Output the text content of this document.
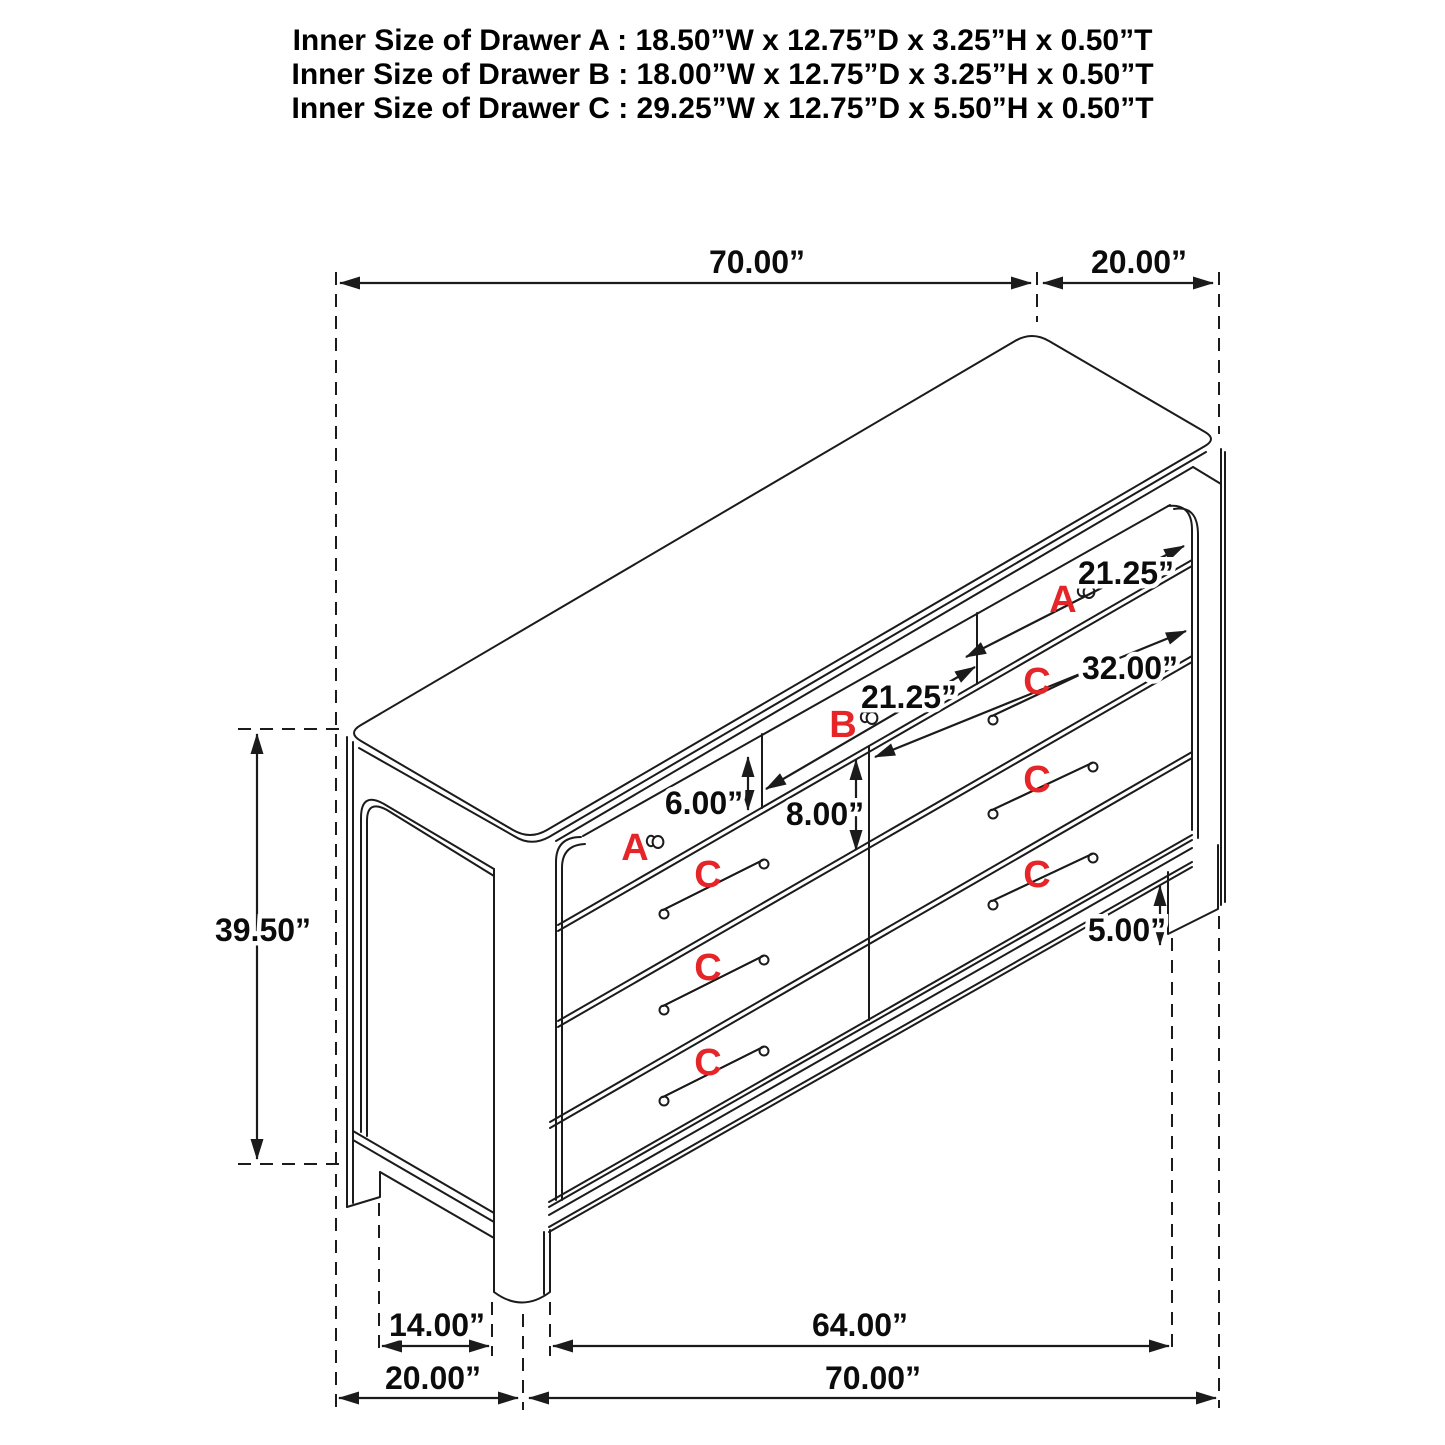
Inner Size of Drawer A : 18.50”W x 12.75”D x 3.25”H x 0.50”T
Inner Size of Drawer B : 18.00”W x 12.75”D x 3.25”H x 0.50”T
Inner Size of Drawer C : 29.25”W x 12.75”D x 5.50”H x 0.50”T
70.00”	20.00”
39.50”
21.25”
32.00”
21.25”
6.00” 8.00”
5.00”
14.00”	64.00”
20.00”	70.00”
A
B
A
C
C
C
C
C
C
